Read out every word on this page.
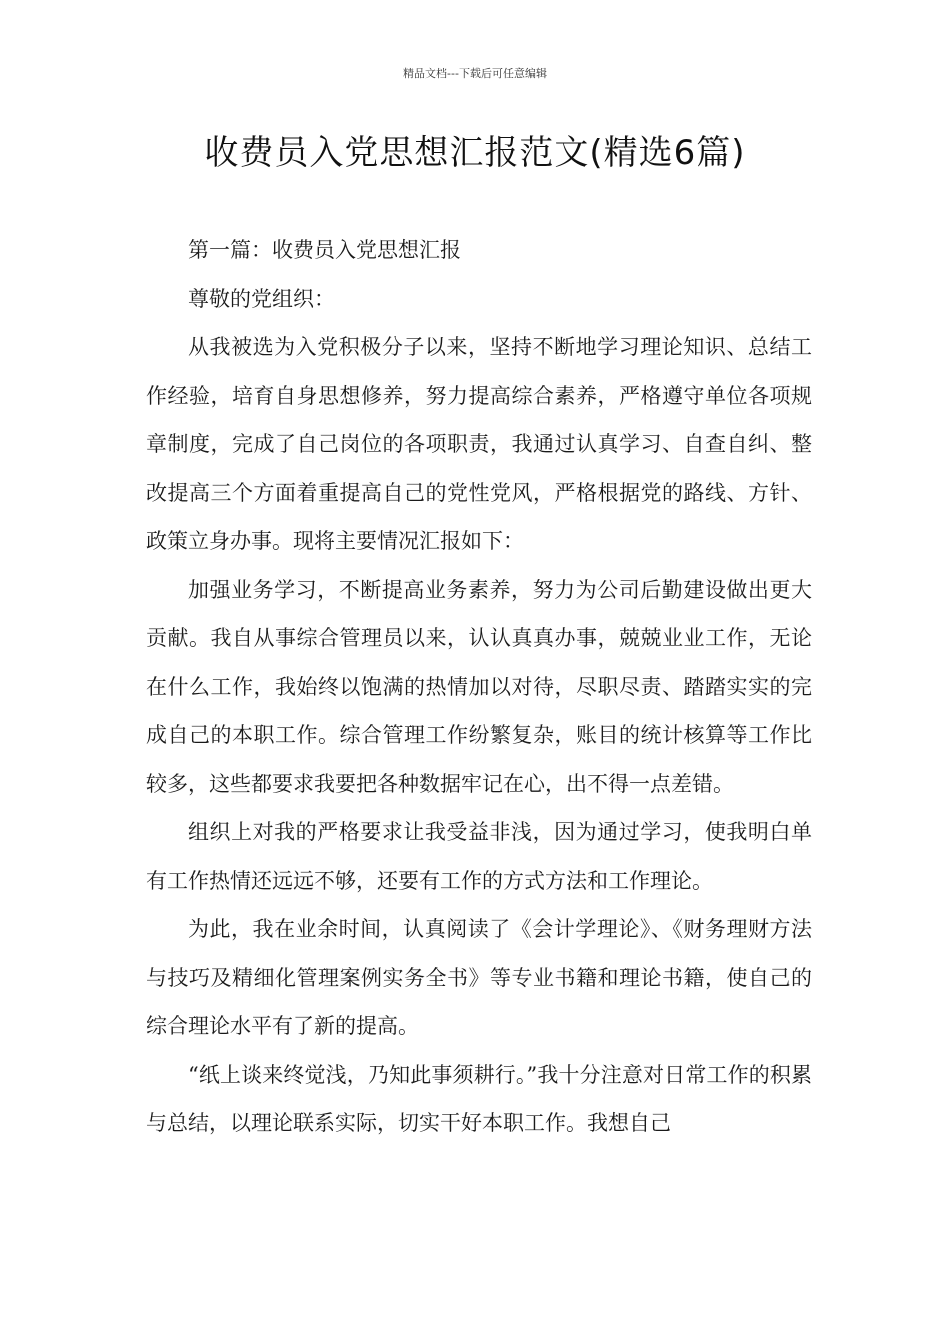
精品文档---下载后可任意编辑
收费员入党思想汇报范文(精选6篇)

第一篇：收费员入党思想汇报

尊敬的党组织：

从我被选为入党积极分子以来，坚持不断地学习理论知识、总结工作经验，培育自身思想修养，努力提高综合素养，严格遵守单位各项规章制度，完成了自己岗位的各项职责，我通过认真学习、自查自纠、整改提高三个方面着重提高自己的党性党风，严格根据党的路线、方针、政策立身办事。现将主要情况汇报如下：

加强业务学习，不断提高业务素养，努力为公司后勤建设做出更大贡献。我自从事综合管理员以来，认认真真办事，兢兢业业工作，无论在什么工作，我始终以饱满的热情加以对待，尽职尽责、踏踏实实的完成自己的本职工作。综合管理工作纷繁复杂，账目的统计核算等工作比较多，这些都要求我要把各种数据牢记在心，出不得一点差错。

组织上对我的严格要求让我受益非浅，因为通过学习，使我明白单有工作热情还远远不够，还要有工作的方式方法和工作理论。

为此，我在业余时间，认真阅读了《会计学理论》、《财务理财方法与技巧及精细化管理案例实务全书》等专业书籍和理论书籍，使自己的综合理论水平有了新的提高。

“纸上谈来终觉浅，乃知此事须耕行。”我十分注意对日常工作的积累与总结，以理论联系实际，切实干好本职工作。我想自己
